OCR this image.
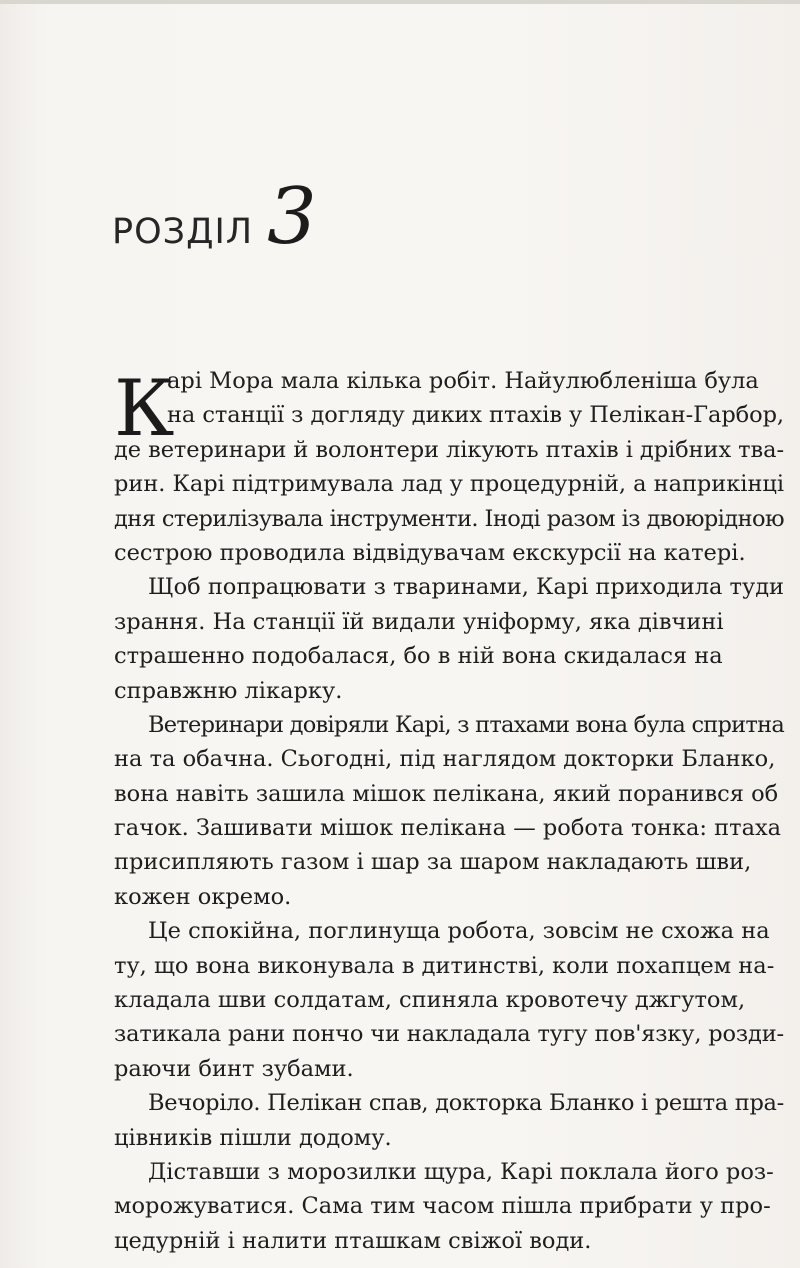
РОЗДІЛ 3
К
арі Мора мала кілька робіт. Найулюбленіша була
на станції з догляду диких птахів у Пелікан-Гарбор,
де ветеринари й волонтери лікують птахів і дрібних тва-
рин. Карі підтримувала лад у процедурній, а наприкінці
дня стерилізувала інструменти. Іноді разом із двоюрідною
сестрою проводила відвідувачам екскурсії на катері.
Щоб попрацювати з тваринами, Карі приходила туди
зрання. На станції їй видали уніформу, яка дівчині
страшенно подобалася, бо в ній вона скидалася на
справжню лікарку.
Ветеринари довіряли Карі, з птахами вона була спритна
на та обачна. Сьогодні, під наглядом докторки Бланко,
вона навіть зашила мішок пелікана, який поранився об
гачок. Зашивати мішок пелікана — робота тонка: птаха
присипляють газом і шар за шаром накладають шви,
кожен окремо.
Це спокійна, поглинуща робота, зовсім не схожа на
ту, що вона виконувала в дитинстві, коли похапцем на-
кладала шви солдатам, спиняла кровотечу джгутом,
затикала рани пончо чи накладала тугу пов'язку, розди-
раючи бинт зубами.
Вечоріло. Пелікан спав, докторка Бланко і решта пра-
цівників пішли додому.
Діставши з морозилки щура, Карі поклала його роз-
морожуватися. Сама тим часом пішла прибрати у про-
цедурній і налити пташкам свіжої води.
